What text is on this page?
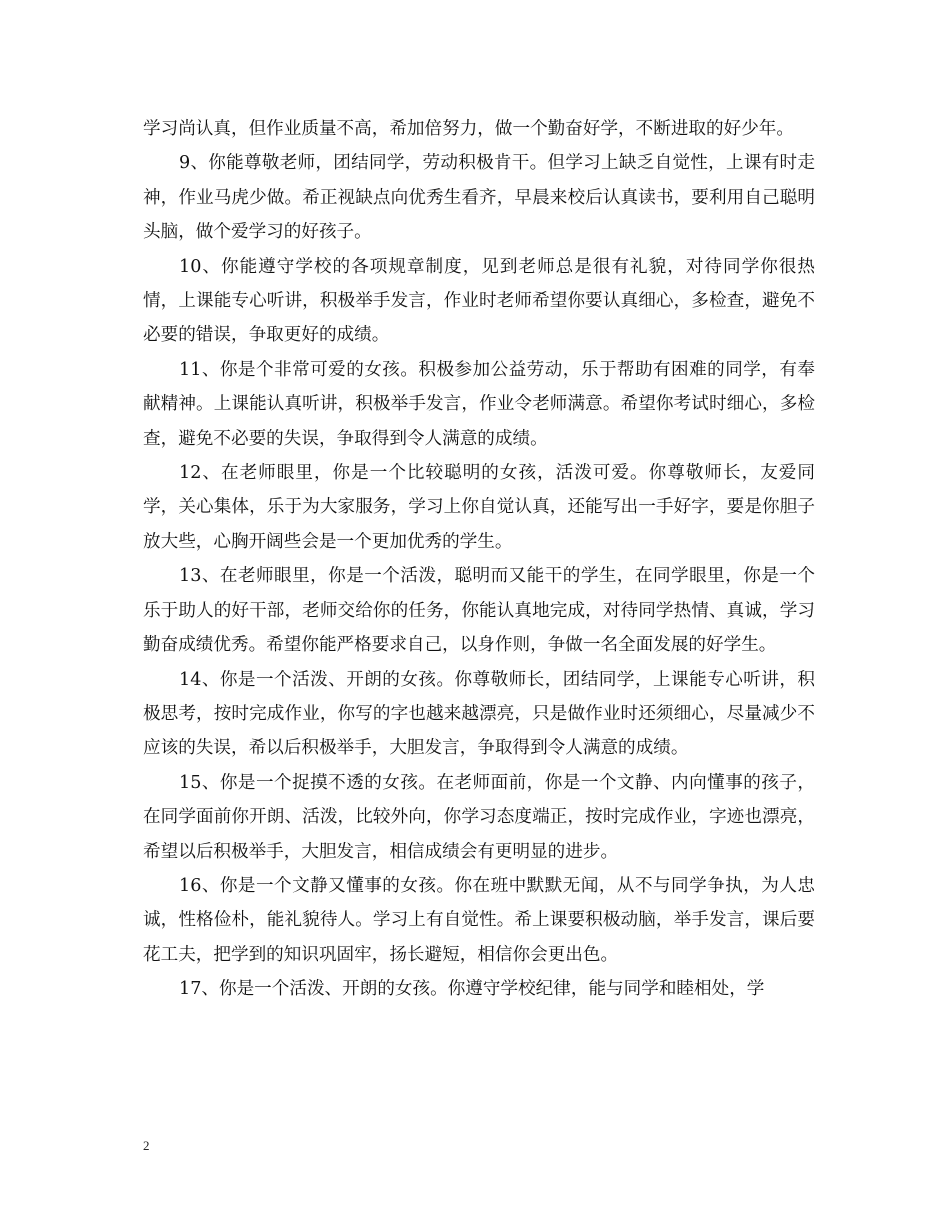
学习尚认真，但作业质量不高，希加倍努力，做一个勤奋好学，不断进取的好少年。

9、你能尊敬老师，团结同学，劳动积极肯干。但学习上缺乏自觉性，上课有时走神，作业马虎少做。希正视缺点向优秀生看齐，早晨来校后认真读书，要利用自己聪明头脑，做个爱学习的好孩子。

10、你能遵守学校的各项规章制度，见到老师总是很有礼貌，对待同学你很热情，上课能专心听讲，积极举手发言，作业时老师希望你要认真细心，多检查，避免不必要的错误，争取更好的成绩。

11、你是个非常可爱的女孩。积极参加公益劳动，乐于帮助有困难的同学，有奉献精神。上课能认真听讲，积极举手发言，作业令老师满意。希望你考试时细心，多检查，避免不必要的失误，争取得到令人满意的成绩。

12、在老师眼里，你是一个比较聪明的女孩，活泼可爱。你尊敬师长，友爱同学，关心集体，乐于为大家服务，学习上你自觉认真，还能写出一手好字，要是你胆子放大些，心胸开阔些会是一个更加优秀的学生。

13、在老师眼里，你是一个活泼，聪明而又能干的学生，在同学眼里，你是一个乐于助人的好干部，老师交给你的任务，你能认真地完成，对待同学热情、真诚，学习勤奋成绩优秀。希望你能严格要求自己，以身作则，争做一名全面发展的好学生。

14、你是一个活泼、开朗的女孩。你尊敬师长，团结同学，上课能专心听讲，积极思考，按时完成作业，你写的字也越来越漂亮，只是做作业时还须细心，尽量减少不应该的失误，希以后积极举手，大胆发言，争取得到令人满意的成绩。

15、你是一个捉摸不透的女孩。在老师面前，你是一个文静、内向懂事的孩子，在同学面前你开朗、活泼，比较外向，你学习态度端正，按时完成作业，字迹也漂亮，希望以后积极举手，大胆发言，相信成绩会有更明显的进步。

16、你是一个文静又懂事的女孩。你在班中默默无闻，从不与同学争执，为人忠诚，性格俭朴，能礼貌待人。学习上有自觉性。希上课要积极动脑，举手发言，课后要花工夫，把学到的知识巩固牢，扬长避短，相信你会更出色。

17、你是一个活泼、开朗的女孩。你遵守学校纪律，能与同学和睦相处，学

2
